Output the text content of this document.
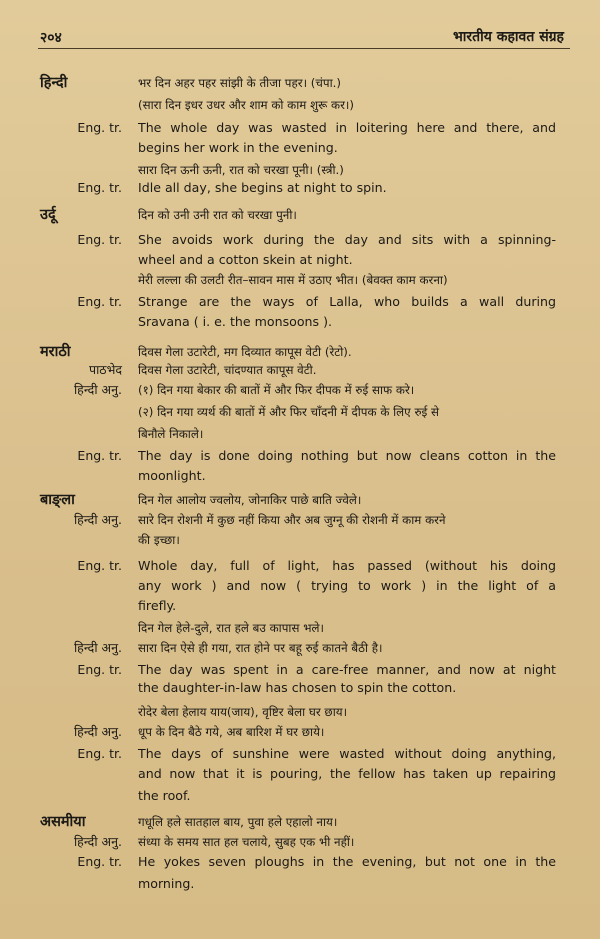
२०४	भारतीय कहावत संग्रह
हिन्दी	भर दिन अहर पहर सांझी के तीजा पहर। (चंपा.)
(सारा दिन इधर उधर और शाम को काम शुरू कर।)
Eng. tr. The whole day was wasted in loitering here and there, and
begins her work in the evening.
सारा दिन ऊनी ऊनी, रात को चरखा पूनी। (स्त्री.)
Eng. tr. Idle all day, she begins at night to spin.
उर्दू	दिन को उनी उनी रात को चरखा पुनी।
Eng. tr. She avoids work during the day and sits with a spinning-
wheel and a cotton skein at night.
मेरी लल्ला की उलटी रीत–सावन मास में उठाए भीत। (बेवक्त काम करना)
Eng. tr. Strange are the ways of Lalla, who builds a wall during
Sravana ( i. e. the monsoons ).
मराठी	दिवस गेला उटारेटी, मग दिव्यात कापूस वेटी (रेटो).
पाठभेद दिवस गेला उटारेटी, चांदण्यात कापूस वेटी.
हिन्दी अनु. (१) दिन गया बेकार की बातों में और फिर दीपक में रुई साफ करे।
(२) दिन गया व्यर्थ की बातों में और फिर चाँदनी में दीपक के लिए रुई से
बिनौले निकाले।
Eng. tr. The day is done doing nothing but now cleans cotton in the
moonlight.
बाङ्ला	दिन गेल आलोय ज्वलोय, जोनाकिर पाछे बाति ज्वेले।
हिन्दी अनु. सारे दिन रोशनी में कुछ नहीं किया और अब जुग्नू की रोशनी में काम करने
की इच्छा।
Eng. tr. Whole day, full of light, has passed (without his doing
any work ) and now ( trying to work ) in the light of a
firefly.
दिन गेल हेले-दुले, रात हले बउ कापास भले।
हिन्दी अनु. सारा दिन ऐसे ही गया, रात होने पर बहू रुई कातने बैठी है।
Eng. tr. The day was spent in a care-free manner, and now at night
the daughter-in-law has chosen to spin the cotton.
रोदेर बेला हेलाय याय(जाय), वृष्टिर बेला घर छाय।
हिन्दी अनु. धूप के दिन बैठे गये, अब बारिश में घर छाये।
Eng. tr. The days of sunshine were wasted without doing anything,
and now that it is pouring, the fellow has taken up repairing
the roof.
असमीया	गधूलि हले सातहाल बाय, पुवा हले एहालो नाय।
हिन्दी अनु. संध्या के समय सात हल चलाये, सुबह एक भी नहीं।
Eng. tr. He yokes seven ploughs in the evening, but not one in the
morning.
